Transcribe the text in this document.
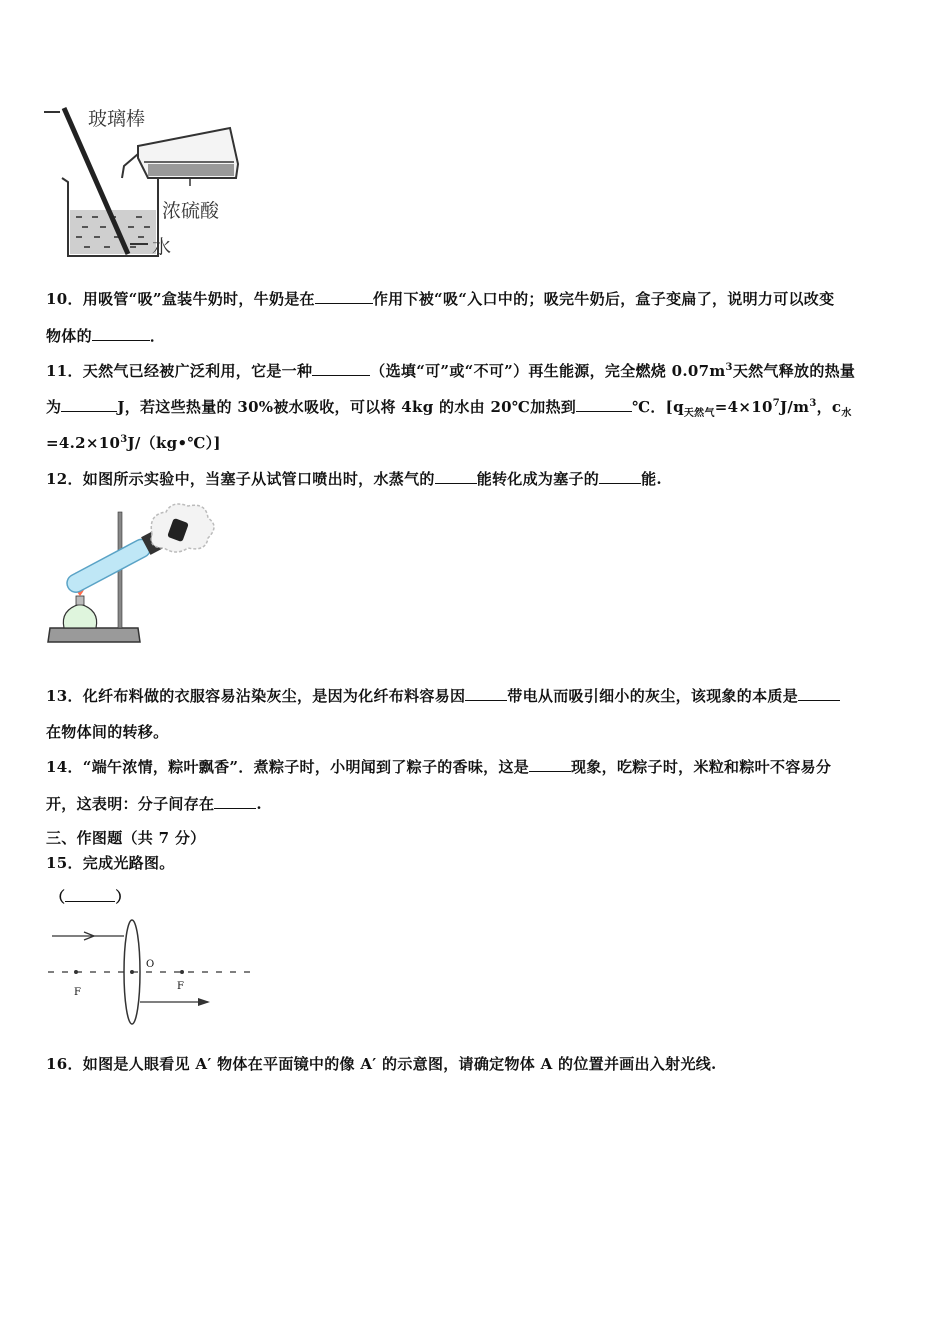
玻璃棒
浓硫酸
水
10．用吸管“吸”盒装牛奶时，牛奶是在	作用下被“吸“入口中的；吸完牛奶后，盒子变扁了，说明力可以改变
物体的	．
11．天然气已经被广泛利用，它是一种	（选填“可”或“不可”）再生能源，完全燃烧 $0.07m^3$天然气释放的热量
为	J，若这些热量的 30%被水吸收，可以将 4kg 的水由 20℃加热到	℃．[$q_{天然气}=4\times 10^7J/m^3$，$c_水$
$=4.2\times 10^3J/(kg•℃)$]
12．如图所示实验中，当塞子从试管口喷出时，水蒸气的	能转化成为塞子的	能.
13．化纤布料做的衣服容易沾染灰尘，是因为化纤布料容易因	带电从而吸引细小的灰尘，该现象的本质是
在物体间的转移。
14．“端午浓情，粽叶飘香”．煮粽子时，小明闻到了粽子的香味，这是	现象，吃粽子时，米粒和粽叶不容易分
开，这表明：分子间存在	.
三、作图题（共 7 分）
15．完成光路图。
（	）
O
F
F
16．如图是人眼看见 A′ 物体在平面镜中的像 A′ 的示意图，请确定物体 A 的位置并画出入射光线.
